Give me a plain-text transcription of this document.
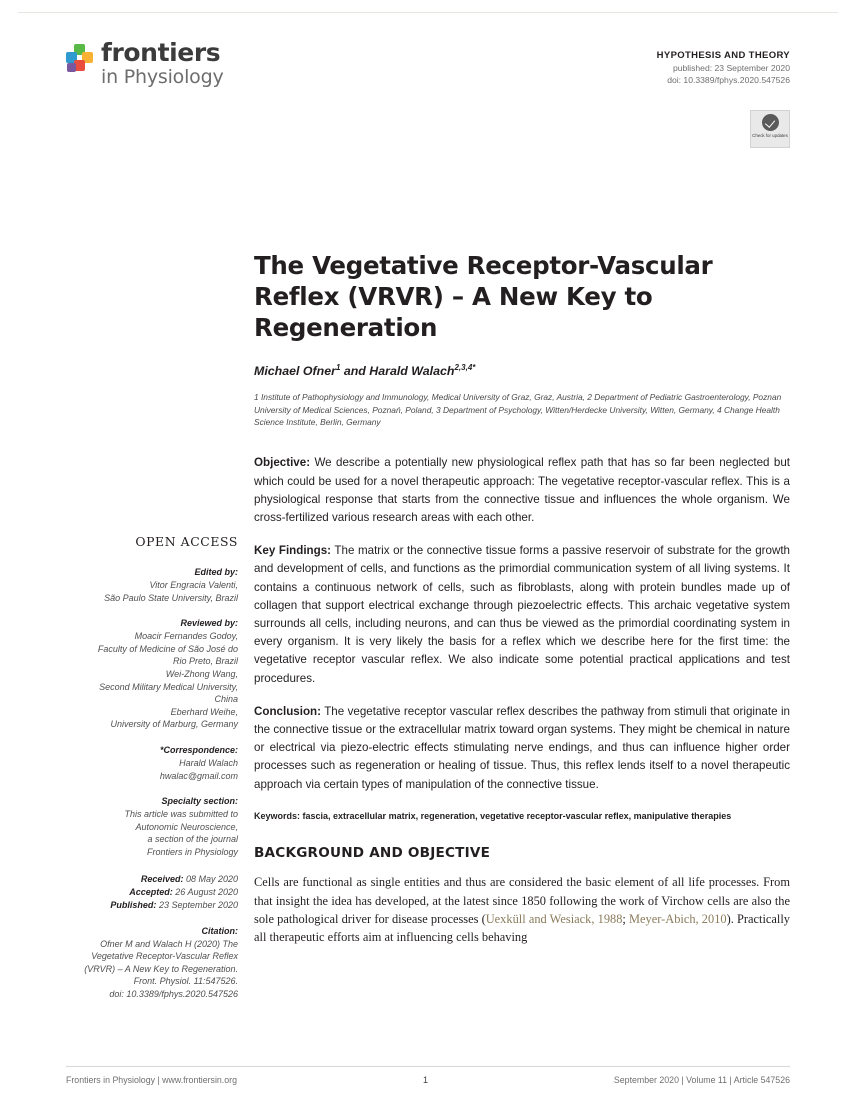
frontiers
in Physiology
HYPOTHESIS AND THEORY
published: 23 September 2020
doi: 10.3389/fphys.2020.547526
Check for updates
OPEN ACCESS
Edited by:
Vitor Engracia Valenti,
São Paulo State University, Brazil
Reviewed by:
Moacir Fernandes Godoy,
Faculty of Medicine of São José do
Rio Preto, Brazil
Wei-Zhong Wang,
Second Military Medical University,
China
Eberhard Weihe,
University of Marburg, Germany
*Correspondence:
Harald Walach
hwalac@gmail.com
Specialty section:
This article was submitted to
Autonomic Neuroscience,
a section of the journal
Frontiers in Physiology
Received: 08 May 2020
Accepted: 26 August 2020
Published: 23 September 2020
Citation:
Ofner M and Walach H (2020) The
Vegetative Receptor-Vascular Reflex
(VRVR) – A New Key to Regeneration.
Front. Physiol. 11:547526.
doi: 10.3389/fphys.2020.547526
The Vegetative Receptor-Vascular Reflex (VRVR) – A New Key to Regeneration
Michael Ofner$^1$ and Harald Walach$^{2,3,4*}$
1 Institute of Pathophysiology and Immunology, Medical University of Graz, Graz, Austria, 2 Department of Pediatric Gastroenterology, Poznan University of Medical Sciences, Poznań, Poland, 3 Department of Psychology, Witten/Herdecke University, Witten, Germany, 4 Change Health Science Institute, Berlin, Germany

Objective: We describe a potentially new physiological reflex path that has so far been neglected but which could be used for a novel therapeutic approach: The vegetative receptor-vascular reflex. This is a physiological response that starts from the connective tissue and influences the whole organism. We cross-fertilized various research areas with each other.

Key Findings: The matrix or the connective tissue forms a passive reservoir of substrate for the growth and development of cells, and functions as the primordial communication system of all living systems. It contains a continuous network of cells, such as fibroblasts, along with protein bundles made up of collagen that support electrical exchange through piezoelectric effects. This archaic vegetative system surrounds all cells, including neurons, and can thus be viewed as the primordial coordinating system in every organism. It is very likely the basis for a reflex which we describe here for the first time: the vegetative receptor vascular reflex. We also indicate some potential practical applications and test procedures.

Conclusion: The vegetative receptor vascular reflex describes the pathway from stimuli that originate in the connective tissue or the extracellular matrix toward organ systems. They might be chemical in nature or electrical via piezo-electric effects stimulating nerve endings, and thus can influence higher order processes such as regeneration or healing of tissue. Thus, this reflex lends itself to a novel therapeutic approach via certain types of manipulation of the connective tissue.

Keywords: fascia, extracellular matrix, regeneration, vegetative receptor-vascular reflex, manipulative therapies
BACKGROUND AND OBJECTIVE

Cells are functional as single entities and thus are considered the basic element of all life processes. From that insight the idea has developed, at the latest since 1850 following the work of Virchow cells are also the sole pathological driver for disease processes (Uexküll and Wesiack, 1988; Meyer-Abich, 2010). Practically all therapeutic efforts aim at influencing cells behaving

Frontiers in Physiology | www.frontiersin.org	1	September 2020 | Volume 11 | Article 547526
